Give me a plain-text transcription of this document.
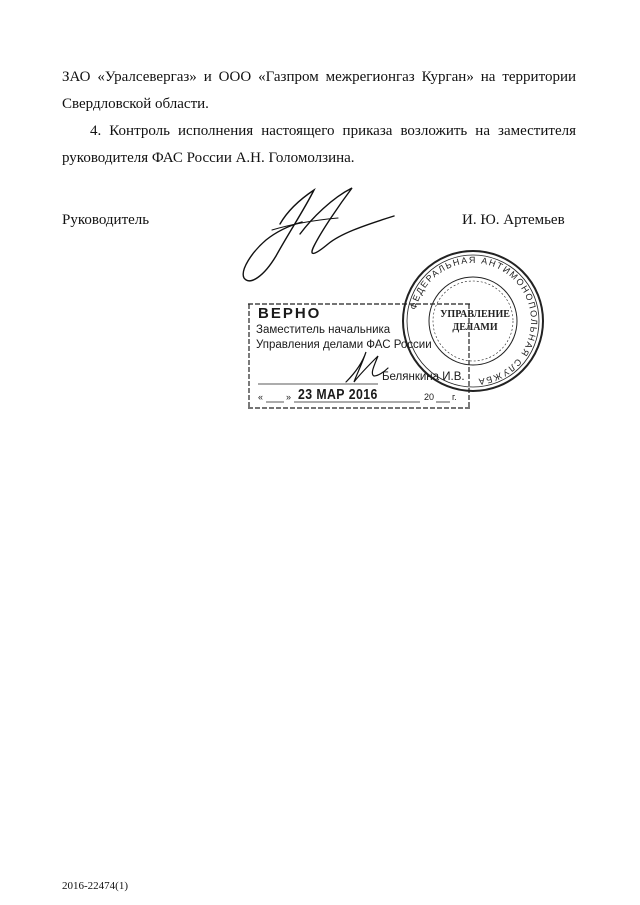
ЗАО «Уралсевергаз» и ООО «Газпром межрегионгаз Курган» на территории
Свердловской области.
4. Контроль исполнения настоящего приказа возложить на заместителя
руководителя ФАС России А.Н. Голомолзина.
Руководитель	И. Ю. Артемьев
ФЕДЕРАЛЬНАЯ АНТИМОНОПОЛЬНАЯ СЛУЖБА
УПРАВЛЕНИЕ
ДЕЛАМИ
ВЕРНО
Заместитель начальника
Управления делами ФАС России
Белянкина И.В.
«	» 23 МАР 2016	20 г.
2016-22474(1)
